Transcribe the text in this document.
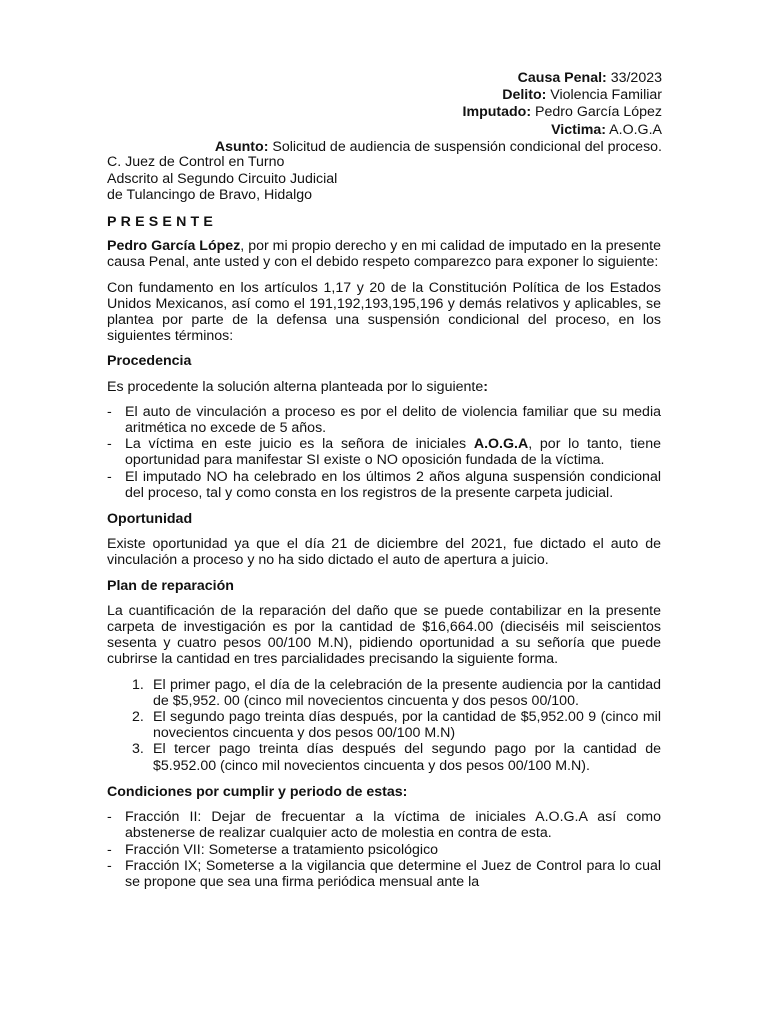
Causa Penal: 33/2023
Delito: Violencia Familiar
Imputado: Pedro García López
Victima: A.O.G.A
Asunto: Solicitud de audiencia de suspensión condicional del proceso.
C. Juez de Control en Turno
Adscrito al Segundo Circuito Judicial
de Tulancingo de Bravo, Hidalgo
PRESENTE

Pedro García López, por mi propio derecho y en mi calidad de imputado en la presente causa Penal, ante usted y con el debido respeto comparezco para exponer lo siguiente:

Con fundamento en los artículos 1,17 y 20 de la Constitución Política de los Estados Unidos Mexicanos, así como el 191,192,193,195,196 y demás relativos y aplicables, se plantea por parte de la defensa una suspensión condicional del proceso, en los siguientes términos:

Procedencia

Es procedente la solución alterna planteada por lo siguiente:

- El auto de vinculación a proceso es por el delito de violencia familiar que su media aritmética no excede de 5 años.
- La víctima en este juicio es la señora de iniciales A.O.G.A, por lo tanto, tiene oportunidad para manifestar SI existe o NO oposición fundada de la víctima.
- El imputado NO ha celebrado en los últimos 2 años alguna suspensión condicional del proceso, tal y como consta en los registros de la presente carpeta judicial.
Oportunidad

Existe oportunidad ya que el día 21 de diciembre del 2021, fue dictado el auto de vinculación a proceso y no ha sido dictado el auto de apertura a juicio.

Plan de reparación

La cuantificación de la reparación del daño que se puede contabilizar en la presente carpeta de investigación es por la cantidad de $16,664.00 (dieciséis mil seiscientos sesenta y cuatro pesos 00/100 M.N), pidiendo oportunidad a su señoría que puede cubrirse la cantidad en tres parcialidades precisando la siguiente forma.

1. El primer pago, el día de la celebración de la presente audiencia por la cantidad de $5,952. 00 (cinco mil novecientos cincuenta y dos pesos 00/100.
2. El segundo pago treinta días después, por la cantidad de $5,952.00 9 (cinco mil novecientos cincuenta y dos pesos 00/100 M.N)
3. El tercer pago treinta días después del segundo pago por la cantidad de $5.952.00 (cinco mil novecientos cincuenta y dos pesos 00/100 M.N).
Condiciones por cumplir y periodo de estas:
- Fracción II: Dejar de frecuentar a la víctima de iniciales A.O.G.A así como abstenerse de realizar cualquier acto de molestia en contra de esta.
- Fracción VII: Someterse a tratamiento psicológico
- Fracción IX; Someterse a la vigilancia que determine el Juez de Control para lo cual se propone que sea una firma periódica mensual ante la
